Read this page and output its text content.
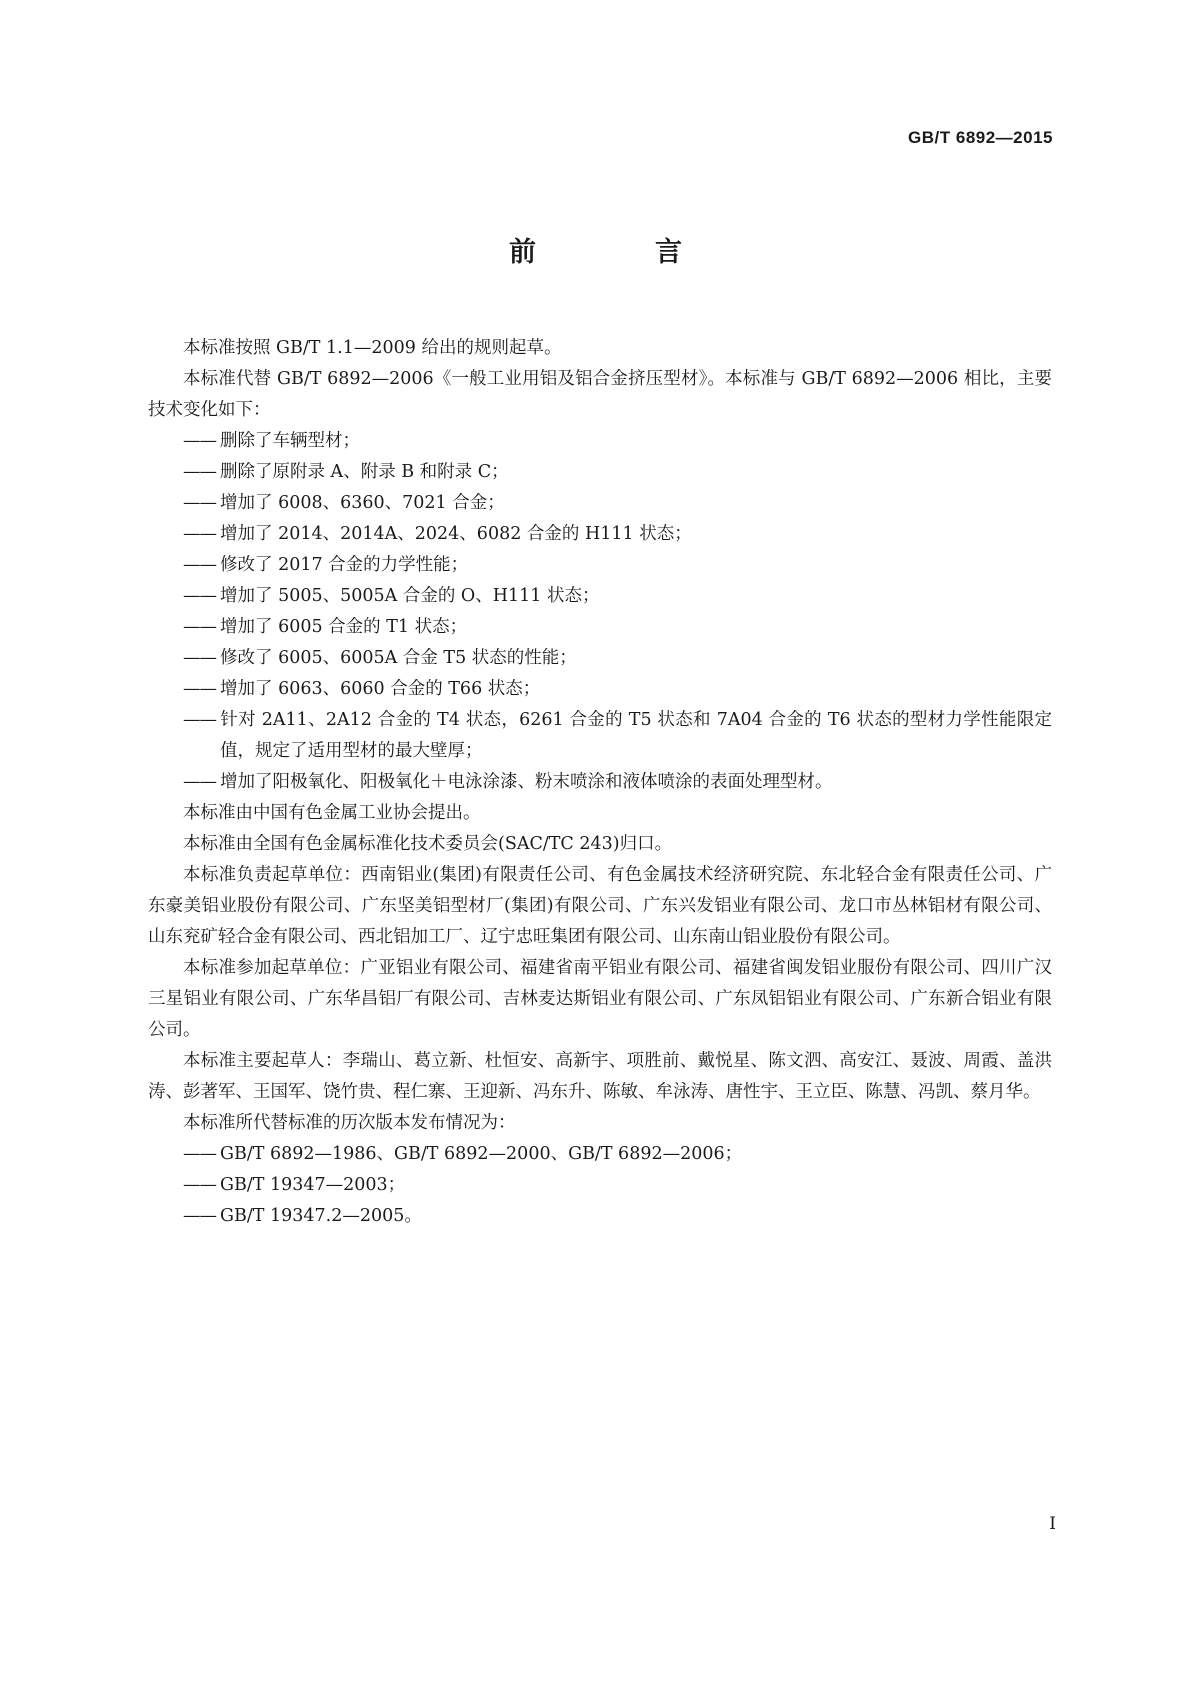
GB/T 6892—2015
前　言

本标准按照 GB/T 1.1—2009 给出的规则起草。

本标准代替 GB/T 6892—2006《一般工业用铝及铝合金挤压型材》。本标准与 GB/T 6892—2006 相比，主要技术变化如下：

—— 删除了车辆型材；

—— 删除了原附录 A、附录 B 和附录 C；

—— 增加了 6008、6360、7021 合金；

—— 增加了 2014、2014A、2024、6082 合金的 H111 状态；

—— 修改了 2017 合金的力学性能；

—— 增加了 5005、5005A 合金的 O、H111 状态；

—— 增加了 6005 合金的 T1 状态；

—— 修改了 6005、6005A 合金 T5 状态的性能；

—— 增加了 6063、6060 合金的 T66 状态；

—— 针对 2A11、2A12 合金的 T4 状态，6261 合金的 T5 状态和 7A04 合金的 T6 状态的型材力学性能限定值，规定了适用型材的最大壁厚；

—— 增加了阳极氧化、阳极氧化＋电泳涂漆、粉末喷涂和液体喷涂的表面处理型材。

本标准由中国有色金属工业协会提出。

本标准由全国有色金属标准化技术委员会(SAC/TC 243)归口。

本标准负责起草单位：西南铝业(集团)有限责任公司、有色金属技术经济研究院、东北轻合金有限责任公司、广东豪美铝业股份有限公司、广东坚美铝型材厂(集团)有限公司、广东兴发铝业有限公司、龙口市丛林铝材有限公司、山东兖矿轻合金有限公司、西北铝加工厂、辽宁忠旺集团有限公司、山东南山铝业股份有限公司。

本标准参加起草单位：广亚铝业有限公司、福建省南平铝业有限公司、福建省闽发铝业服份有限公司、四川广汉三星铝业有限公司、广东华昌铝厂有限公司、吉林麦达斯铝业有限公司、广东凤铝铝业有限公司、广东新合铝业有限公司。

本标准主要起草人：李瑞山、葛立新、杜恒安、高新宇、项胜前、戴悦星、陈文泗、高安江、聂波、周霞、盖洪涛、彭著军、王国军、饶竹贵、程仁寨、王迎新、冯东升、陈敏、牟泳涛、唐性宇、王立臣、陈慧、冯凯、蔡月华。

本标准所代替标准的历次版本发布情况为：

—— GB/T 6892—1986、GB/T 6892—2000、GB/T 6892—2006；

—— GB/T 19347—2003；

—— GB/T 19347.2—2005。

I
